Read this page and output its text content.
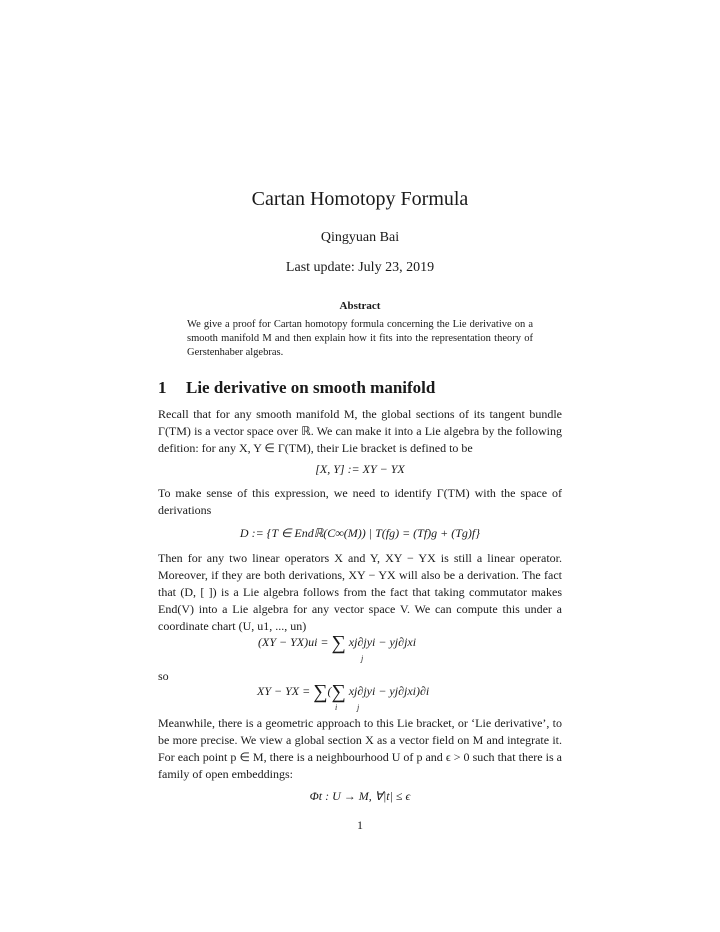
Cartan Homotopy Formula
Qingyuan Bai
Last update: July 23, 2019
Abstract
We give a proof for Cartan homotopy formula concerning the Lie derivative on a smooth manifold M and then explain how it fits into the representation theory of Gerstenhaber algebras.
1 Lie derivative on smooth manifold
Recall that for any smooth manifold M, the global sections of its tangent bundle Γ(TM) is a vector space over ℝ. We can make it into a Lie algebra by the following defition: for any X, Y ∈ Γ(TM), their Lie bracket is defined to be
[X, Y] := XY − YX
To make sense of this expression, we need to identify Γ(TM) with the space of derivations
D := {T ∈ Endℝ(C∞(M)) | T(fg) = (Tf)g + (Tg)f}
Then for any two linear operators X and Y, XY − YX is still a linear operator. Moreover, if they are both derivations, XY − YX will also be a derivation. The fact that (D, [ ]) is a Lie algebra follows from the fact that taking commutator makes End(V) into a Lie algebra for any vector space V. We can compute this under a coordinate chart (U, u1, ..., un)
(XY − YX)ui = ∑ xj∂jyi − yj∂jxi
j
so
XY − YX = ∑(∑ xj∂jyi − yj∂jxi)∂i
i j
Meanwhile, there is a geometric approach to this Lie bracket, or ‘Lie derivative’, to be more precise. We view a global section X as a vector field on M and integrate it. For each point p ∈ M, there is a neighbourhood U of p and ϵ > 0 such that there is a family of open embeddings:
Φt : U → M, ∀|t| ≤ ϵ
1
